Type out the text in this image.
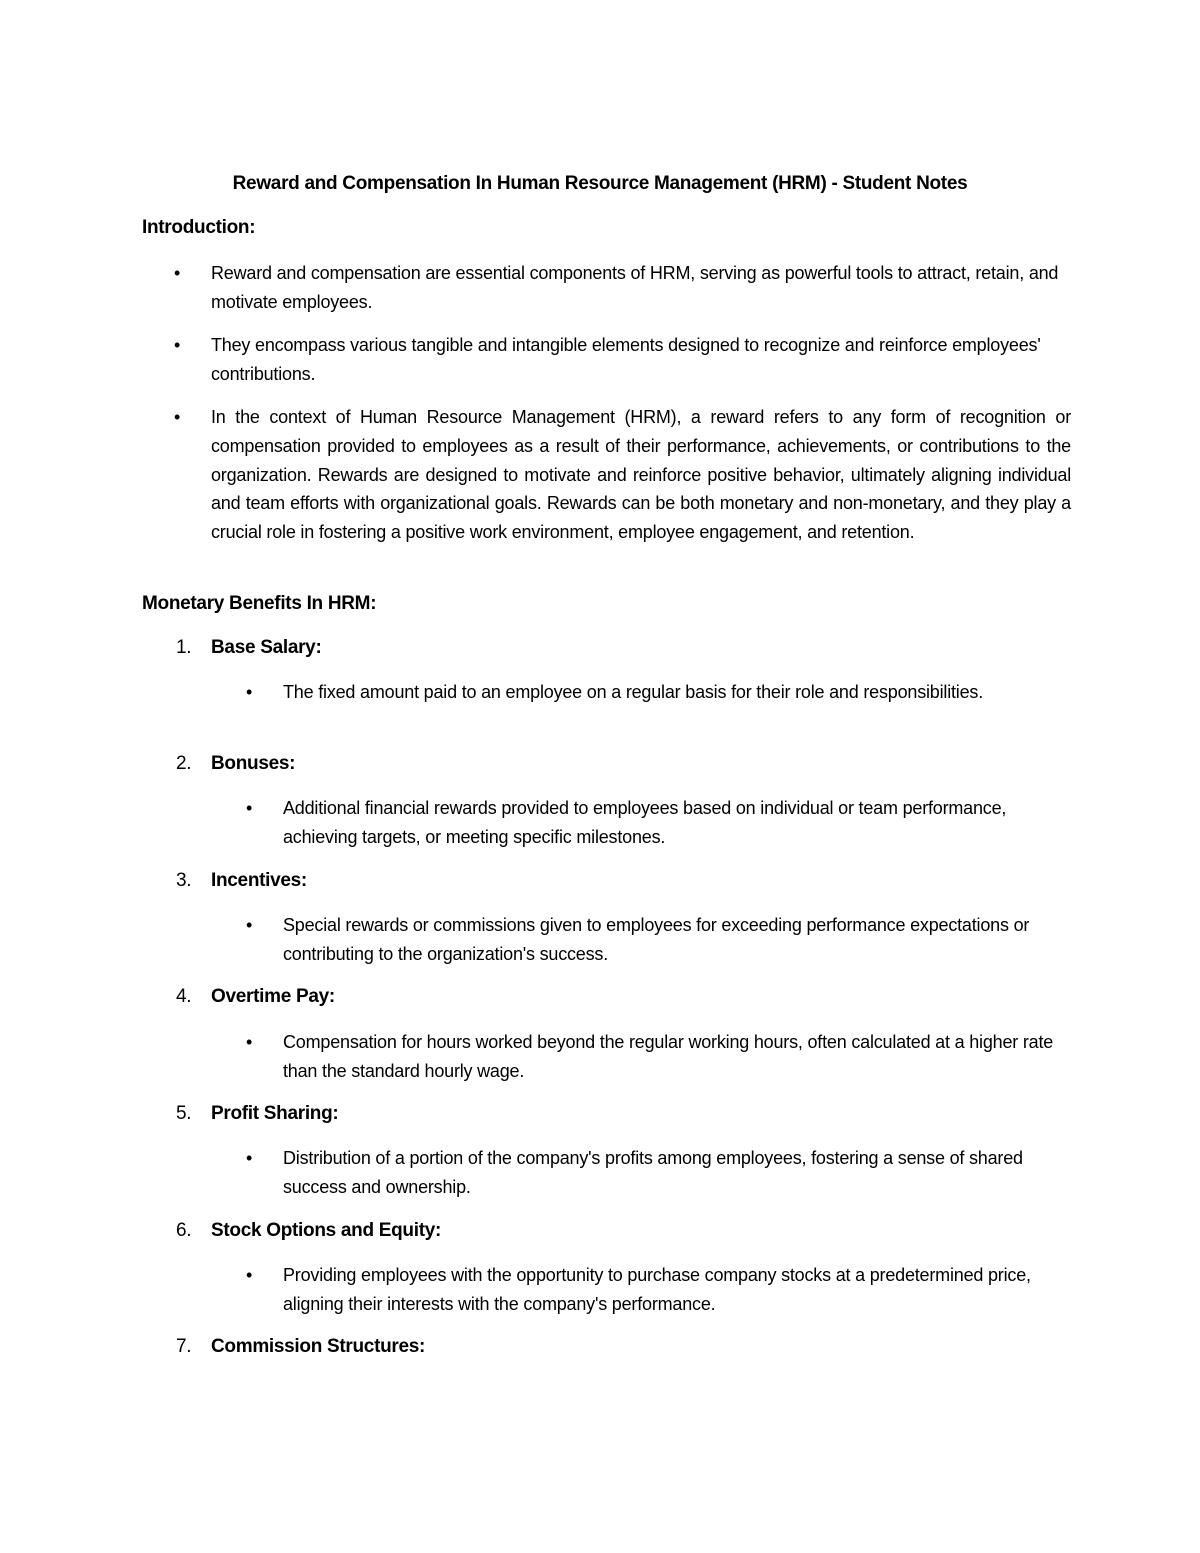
Reward and Compensation In Human Resource Management (HRM) - Student Notes
Introduction:
• Reward and compensation are essential components of HRM, serving as powerful tools to attract, retain, and motivate employees.
• They encompass various tangible and intangible elements designed to recognize and reinforce employees' contributions.
• In the context of Human Resource Management (HRM), a reward refers to any form of recognition or compensation provided to employees as a result of their performance, achievements, or contributions to the organization. Rewards are designed to motivate and reinforce positive behavior, ultimately aligning individual and team efforts with organizational goals. Rewards can be both monetary and non-monetary, and they play a crucial role in fostering a positive work environment, employee engagement, and retention.
Monetary Benefits In HRM:
1. Base Salary:
• The fixed amount paid to an employee on a regular basis for their role and responsibilities.
2. Bonuses:
• Additional financial rewards provided to employees based on individual or team performance, achieving targets, or meeting specific milestones.
3. Incentives:
• Special rewards or commissions given to employees for exceeding performance expectations or contributing to the organization's success.
4. Overtime Pay:
• Compensation for hours worked beyond the regular working hours, often calculated at a higher rate than the standard hourly wage.
5. Profit Sharing:
• Distribution of a portion of the company's profits among employees, fostering a sense of shared success and ownership.
6. Stock Options and Equity:
• Providing employees with the opportunity to purchase company stocks at a predetermined price, aligning their interests with the company's performance.
7. Commission Structures:
